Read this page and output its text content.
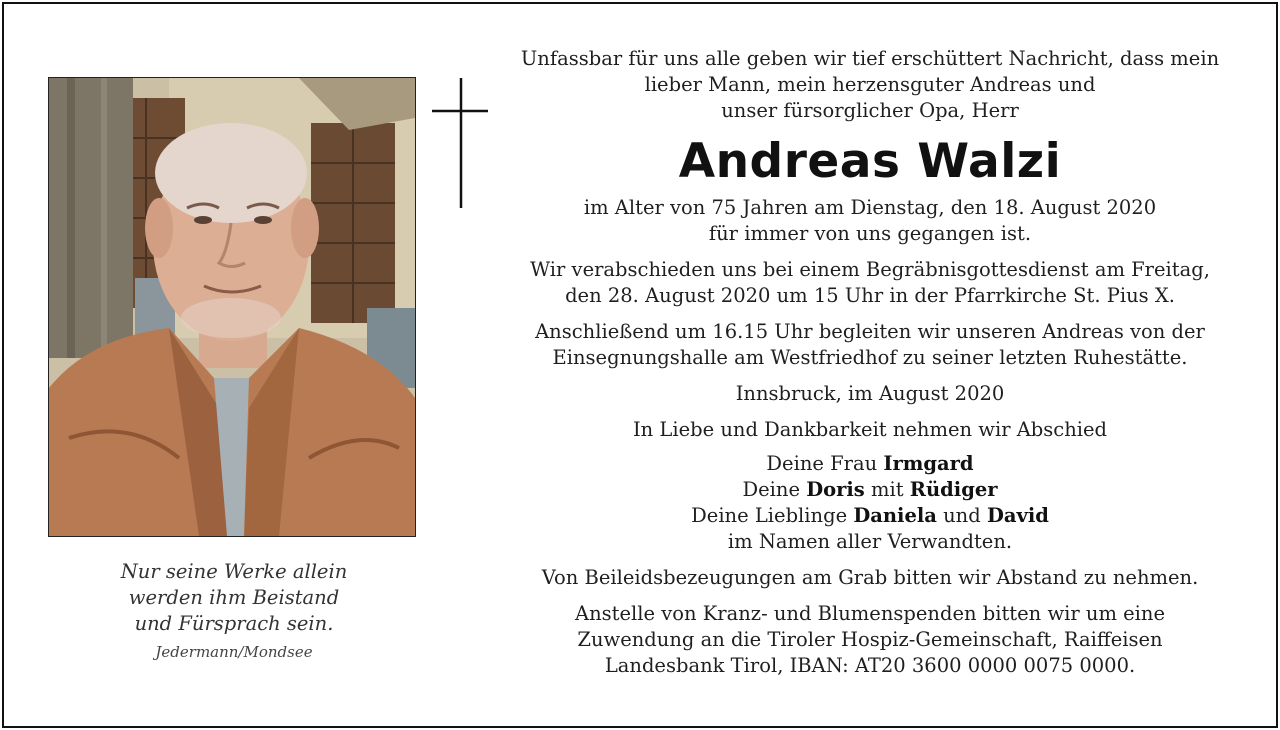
Nur seine Werke allein
werden ihm Beistand
und Fürsprach sein.
Jedermann/Mondsee

Unfassbar für uns alle geben wir tief erschüttert Nachricht, dass mein

lieber Mann, mein herzensguter Andreas und

unser fürsorglicher Opa, Herr

Andreas Walzi

im Alter von 75 Jahren am Dienstag, den 18. August 2020

für immer von uns gegangen ist.

Wir verabschieden uns bei einem Begräbnisgottesdienst am Freitag,

den 28. August 2020 um 15 Uhr in der Pfarrkirche St. Pius X.

Anschließend um 16.15 Uhr begleiten wir unseren Andreas von der

Einsegnungshalle am Westfriedhof zu seiner letzten Ruhestätte.

Innsbruck, im August 2020

In Liebe und Dankbarkeit nehmen wir Abschied

Deine Frau Irmgard

Deine Doris mit Rüdiger

Deine Lieblinge Daniela und David

im Namen aller Verwandten.

Von Beileidsbezeugungen am Grab bitten wir Abstand zu nehmen.

Anstelle von Kranz- und Blumenspenden bitten wir um eine

Zuwendung an die Tiroler Hospiz-Gemeinschaft, Raiffeisen

Landesbank Tirol, IBAN: AT20 3600 0000 0075 0000.
